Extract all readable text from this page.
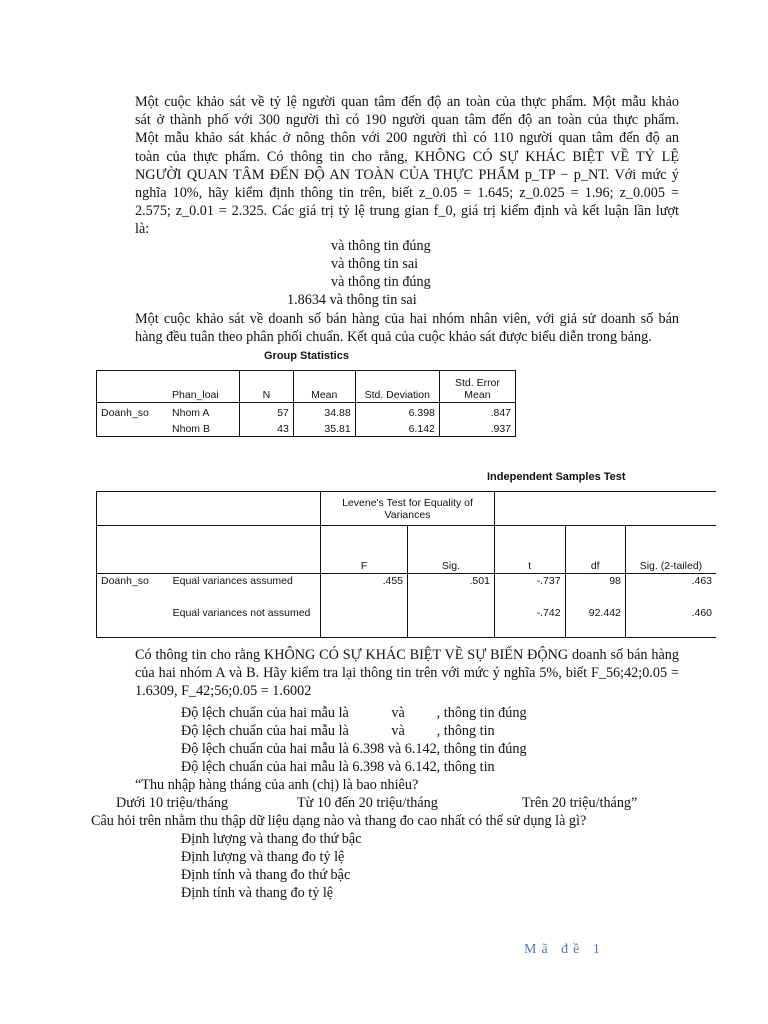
Một cuộc khảo sát về tỷ lệ người quan tâm đến độ an toàn của thực phẩm. Một mẫu khảo
sát ở thành phố với 300 người thì có 190 người quan tâm đến độ an toàn của thực phẩm.
Một mẫu khảo sát khác ở nông thôn với 200 người thì có 110 người quan tâm đến độ an
toàn của thực phẩm. Có thông tin cho rằng, KHÔNG CÓ SỰ KHÁC BIỆT VỀ TỶ LỆ
NGƯỜI QUAN TÂM ĐẾN ĐỘ AN TOÀN CỦA THỰC PHẨM p_TP − p_NT. Với mức ý
nghĩa 10%, hãy kiểm định thông tin trên, biết z_0.05 = 1.645; z_0.025 = 1.96; z_0.005 =
2.575; z_0.01 = 2.325. Các giá trị tỷ lệ trung gian f_0, giá trị kiểm định và kết luận lần lượt
là:
và thông tin đúng
và thông tin sai
và thông tin đúng
1.8634 và thông tin sai
Một cuộc khảo sát về doanh số bán hàng của hai nhóm nhân viên, với giả sử doanh số bán
hàng đều tuân theo phân phối chuẩn. Kết quả của cuộc khảo sát được biểu diễn trong bảng.
Group Statistics
	Phan_loai	N	Mean	Std. Deviation	Std. Error Mean
Doanh_so	Nhom A	57	34.88	6.398	.847
	Nhom B	43	35.81	6.142	.937
Independent Samples Test
		Levene's Test for Equality of Variances				
		F	Sig.	t	df	Sig. (2-tailed)
Doanh_so	Equal variances assumed	.455	.501	-.737	98	.463
	Equal variances not assumed			-.742	92.442	.460
Có thông tin cho rằng KHÔNG CÓ SỰ KHÁC BIỆT VỀ SỰ BIẾN ĐỘNG doanh số bán hàng
của hai nhóm A và B. Hãy kiểm tra lại thông tin trên với mức ý nghĩa 5%, biết F_56;42;0.05 =
1.6309, F_42;56;0.05 = 1.6002
Độ lệch chuẩn của hai mẫu là            và         , thông tin đúng
Độ lệch chuẩn của hai mẫu là            và         , thông tin
Độ lệch chuẩn của hai mẫu là 6.398 và 6.142, thông tin đúng
Độ lệch chuẩn của hai mẫu là 6.398 và 6.142, thông tin
“Thu nhập hàng tháng của anh (chị) là bao nhiêu?
Dưới 10 triệu/tháng	Từ 10 đến 20 triệu/tháng	Trên 20 triệu/tháng”
Câu hỏi trên nhằm thu thập dữ liệu dạng nào và thang đo cao nhất có thể sử dụng là gì?
Định lượng và thang đo thứ bậc
Định lượng và thang đo tỷ lệ
Định tính và thang đo thứ bậc
Định tính và thang đo tỷ lệ
Mã đề 1
